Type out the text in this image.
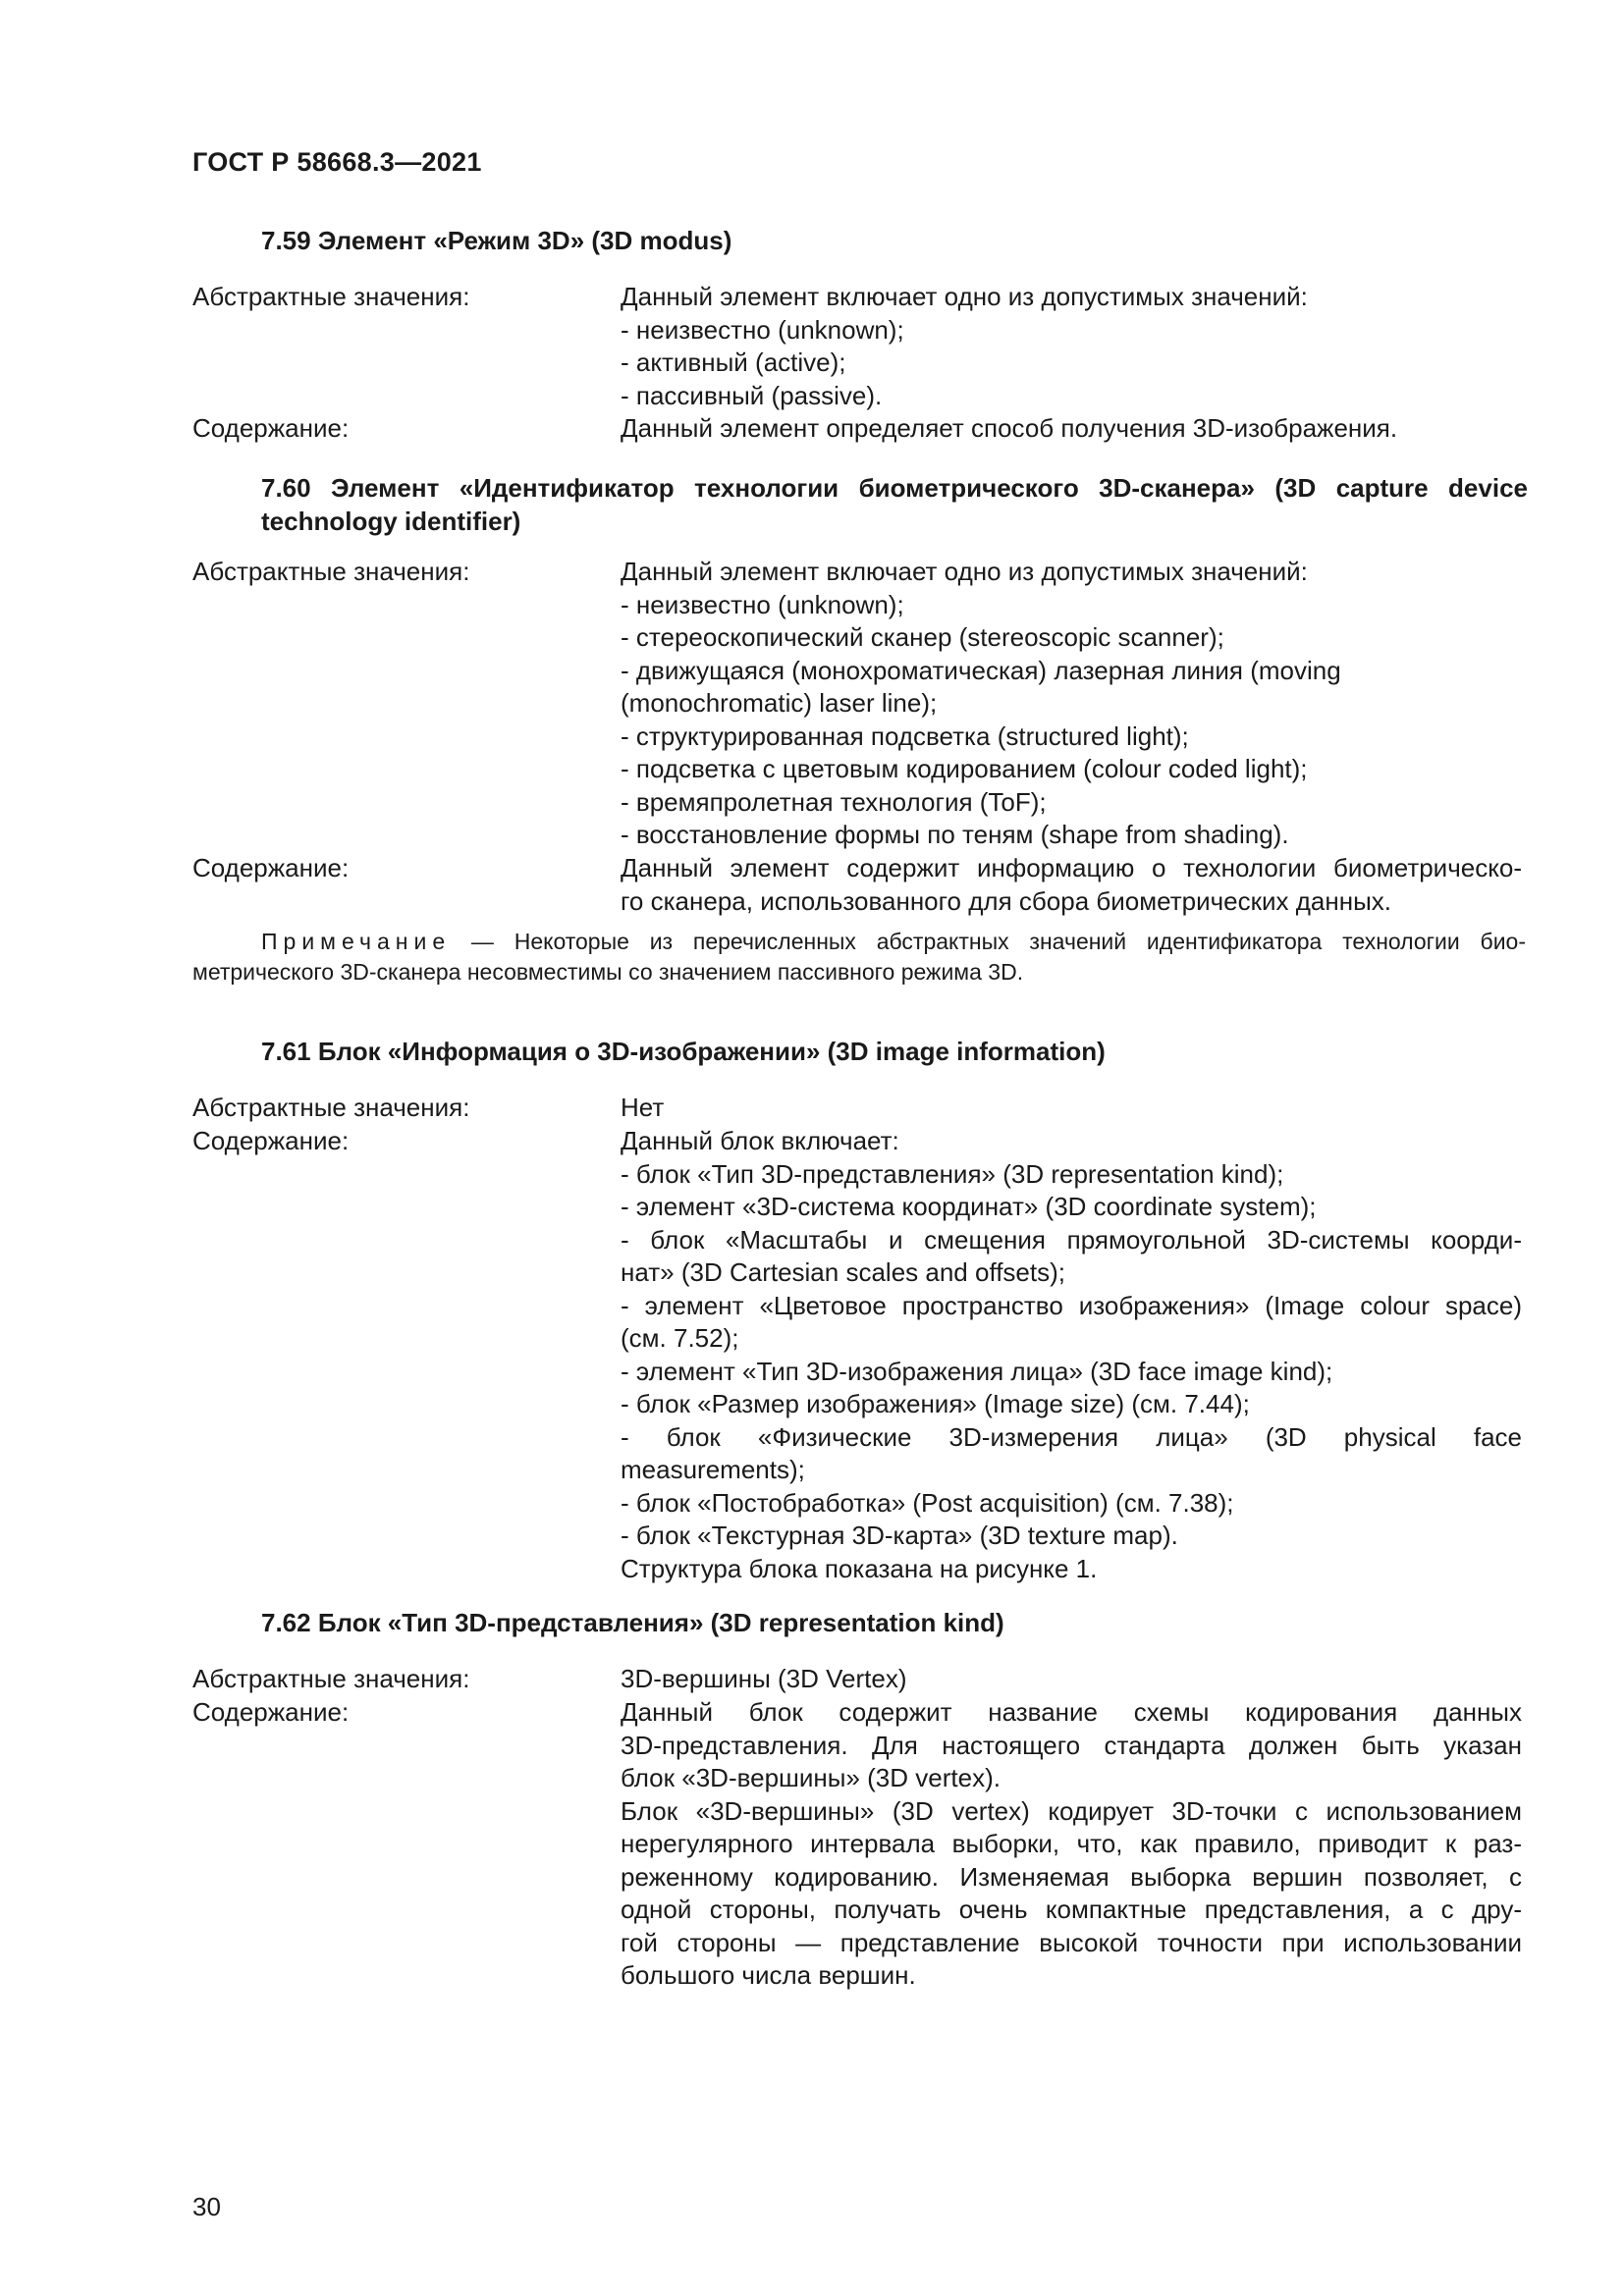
ГОСТ Р 58668.3—2021
7.59 Элемент «Режим 3D» (3D modus)
Абстрактные значения:	Данный элемент включает одно из допустимых значений:
- неизвестно (unknown);
- активный (active);
- пассивный (passive).
Содержание:	Данный элемент определяет способ получения 3D-изображения.
7.60 Элемент «Идентификатор технологии биометрического 3D-сканера» (3D capture device
technology identifier)
Абстрактные значения:	Данный элемент включает одно из допустимых значений:
- неизвестно (unknown);
- стереоскопический сканер (stereoscopic scanner);
- движущаяся (монохроматическая) лазерная линия (moving
(monochromatic) laser line);
- структурированная подсветка (structured light);
- подсветка с цветовым кодированием (colour coded light);
- времяпролетная технология (ToF);
- восстановление формы по теням (shape from shading).
Содержание:	Данный элемент содержит информацию о технологии биометрическо-
го сканера, использованного для сбора биометрических данных.
Примечание — Некоторые из перечисленных абстрактных значений идентификатора технологии био-
метрического 3D-сканера несовместимы со значением пассивного режима 3D.
7.61 Блок «Информация о 3D-изображении» (3D image information)
Абстрактные значения:	Нет
Содержание:	Данный блок включает:
- блок «Тип 3D-представления» (3D representation kind);
- элемент «3D-система координат» (3D coordinate system);
- блок «Масштабы и смещения прямоугольной 3D-системы коорди-
нат» (3D Cartesian scales and offsets);
- элемент «Цветовое пространство изображения» (Image colour space)
(см. 7.52);
- элемент «Тип 3D-изображения лица» (3D face image kind);
- блок «Размер изображения» (Image size) (см. 7.44);
- блок «Физические 3D-измерения лица» (3D physical face
measurements);
- блок «Постобработка» (Post acquisition) (см. 7.38);
- блок «Текстурная 3D-карта» (3D texture map).
Структура блока показана на рисунке 1.
7.62 Блок «Тип 3D-представления» (3D representation kind)
Абстрактные значения:	3D-вершины (3D Vertex)
Содержание:	Данный блок содержит название схемы кодирования данных
3D-представления. Для настоящего стандарта должен быть указан
блок «3D-вершины» (3D vertex).
Блок «3D-вершины» (3D vertex) кодирует 3D-точки с использованием
нерегулярного интервала выборки, что, как правило, приводит к раз-
реженному кодированию. Изменяемая выборка вершин позволяет, с
одной стороны, получать очень компактные представления, а с дру-
гой стороны — представление высокой точности при использовании
большого числа вершин.
30
